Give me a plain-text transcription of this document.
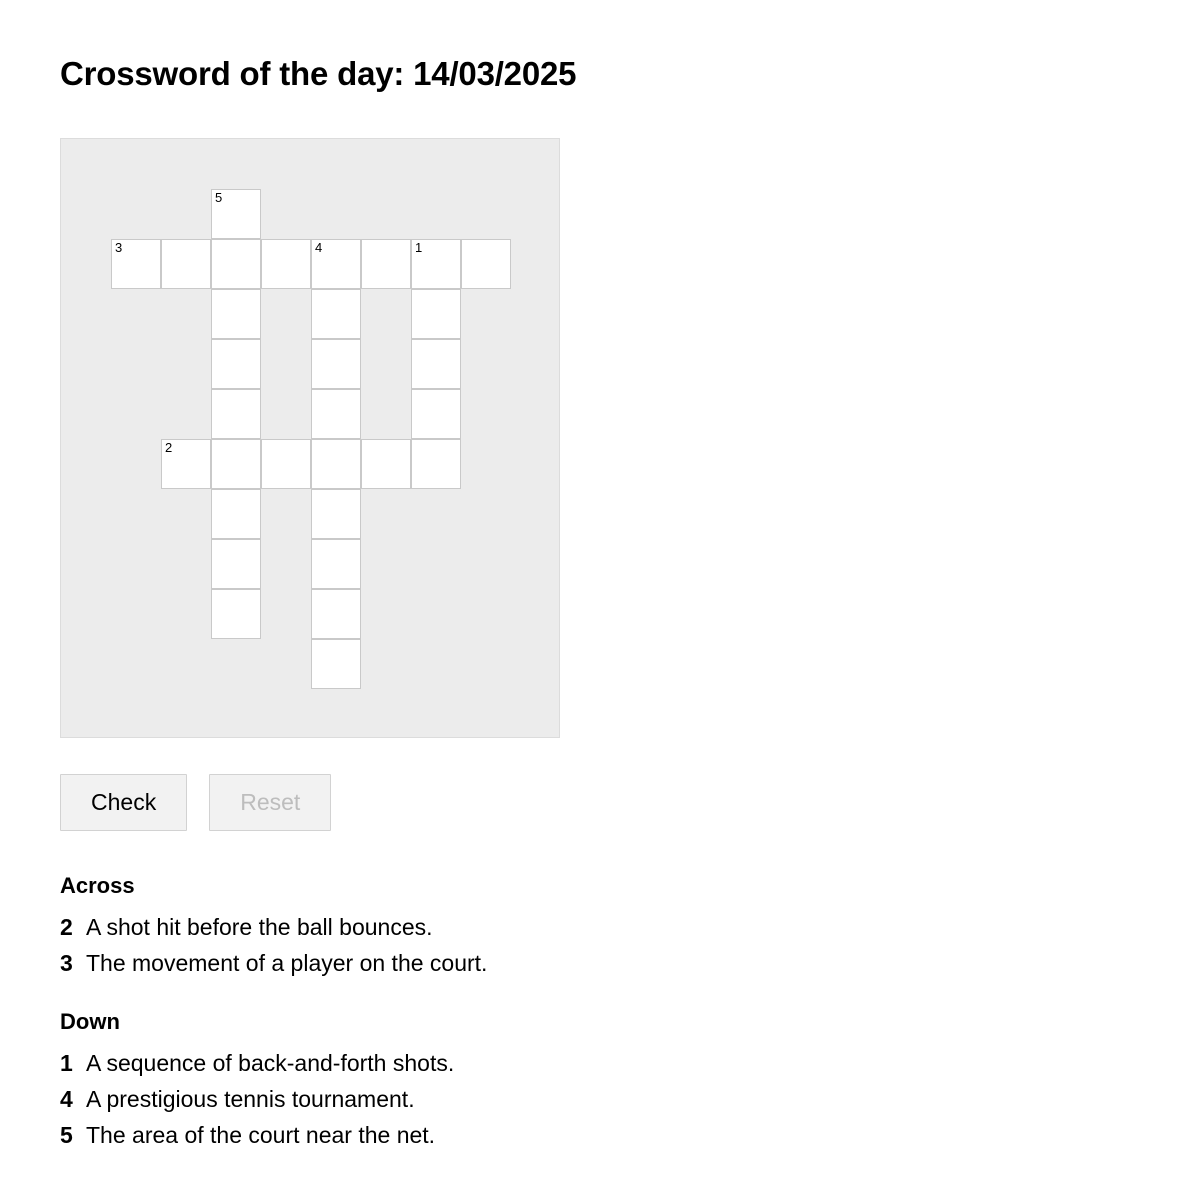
Crossword of the day: 14/03/2025
5
3	4	1
2
Check	Reset
Across
2 A shot hit before the ball bounces.
3 The movement of a player on the court.
Down
1 A sequence of back-and-forth shots.
4 A prestigious tennis tournament.
5 The area of the court near the net.
